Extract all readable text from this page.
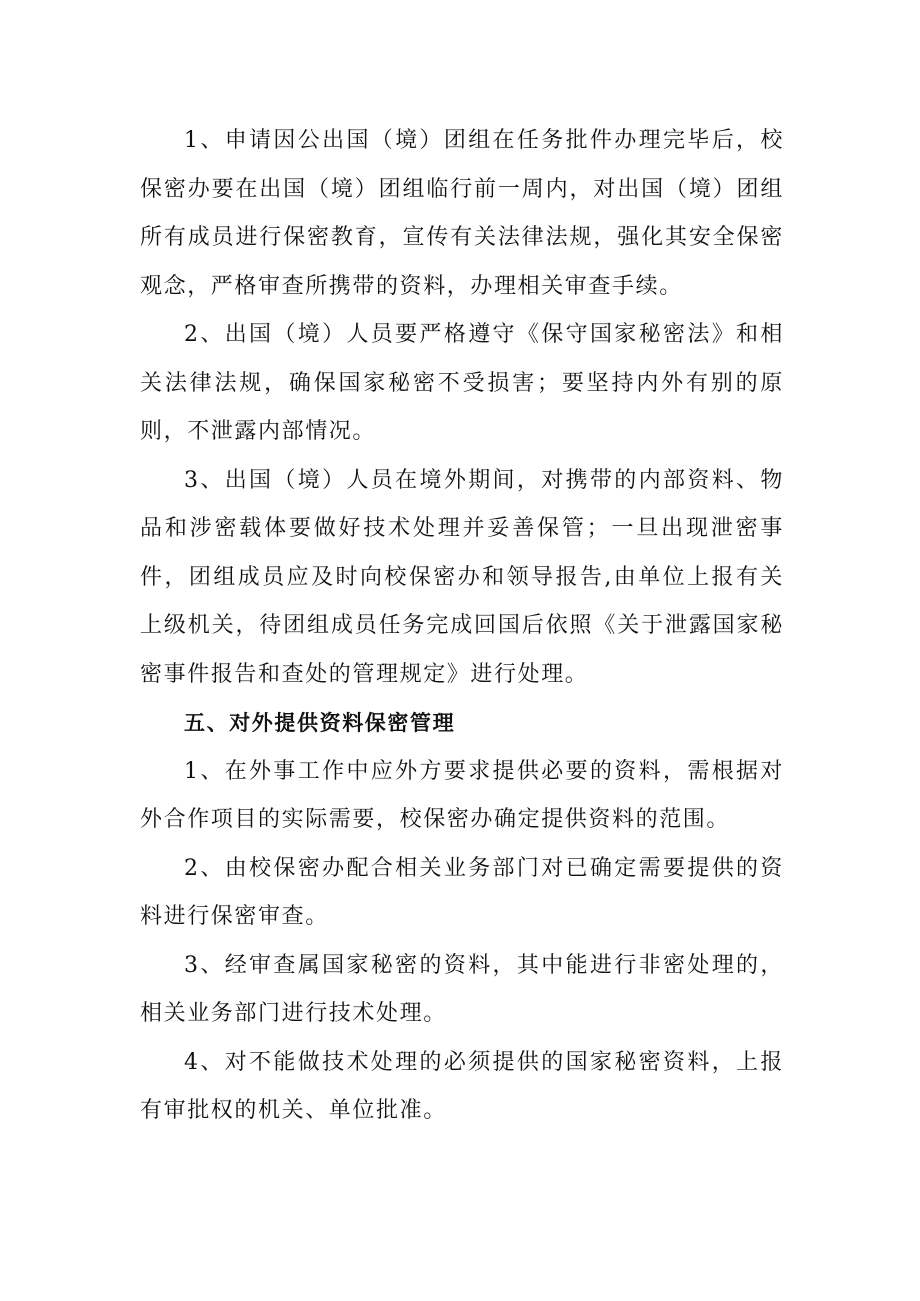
1、申请因公出国（境）团组在任务批件办理完毕后，校保密办要在出国（境）团组临行前一周内，对出国（境）团组所有成员进行保密教育，宣传有关法律法规，强化其安全保密观念，严格审查所携带的资料，办理相关审查手续。

2、出国（境）人员要严格遵守《保守国家秘密法》和相关法律法规，确保国家秘密不受损害；要坚持内外有别的原则，不泄露内部情况。

3、出国（境）人员在境外期间，对携带的内部资料、物品和涉密载体要做好技术处理并妥善保管；一旦出现泄密事件，团组成员应及时向校保密办和领导报告,由单位上报有关上级机关，待团组成员任务完成回国后依照《关于泄露国家秘密事件报告和查处的管理规定》进行处理。

五、对外提供资料保密管理

1、在外事工作中应外方要求提供必要的资料，需根据对外合作项目的实际需要，校保密办确定提供资料的范围。

2、由校保密办配合相关业务部门对已确定需要提供的资料进行保密审查。

3、经审查属国家秘密的资料，其中能进行非密处理的，相关业务部门进行技术处理。

4、对不能做技术处理的必须提供的国家秘密资料，上报有审批权的机关、单位批准。
